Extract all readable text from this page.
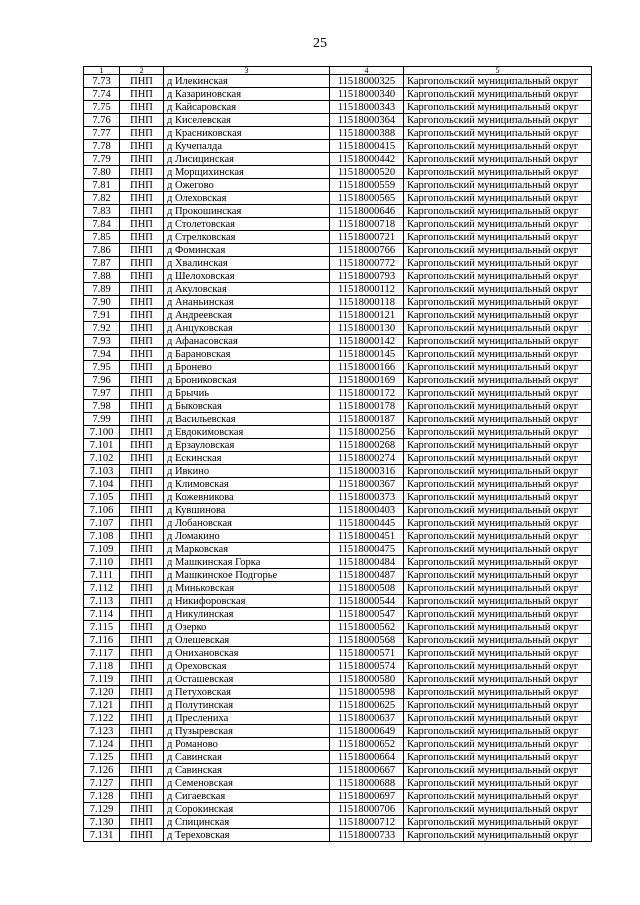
25
1	2	3	4	5
7.73	ПНП	д Илекинская	11518000325	Каргопольский муниципальный округ
7.74	ПНП	д Казариновская	11518000340	Каргопольский муниципальный округ
7.75	ПНП	д Кайсаровская	11518000343	Каргопольский муниципальный округ
7.76	ПНП	д Киселевская	11518000364	Каргопольский муниципальный округ
7.77	ПНП	д Красниковская	11518000388	Каргопольский муниципальный округ
7.78	ПНП	д Кучепалда	11518000415	Каргопольский муниципальный округ
7.79	ПНП	д Лисицинская	11518000442	Каргопольский муниципальный округ
7.80	ПНП	д Морщихинская	11518000520	Каргопольский муниципальный округ
7.81	ПНП	д Ожегово	11518000559	Каргопольский муниципальный округ
7.82	ПНП	д Олеховская	11518000565	Каргопольский муниципальный округ
7.83	ПНП	д Прокошинская	11518000646	Каргопольский муниципальный округ
7.84	ПНП	д Столетовская	11518000718	Каргопольский муниципальный округ
7.85	ПНП	д Стрелковская	11518000721	Каргопольский муниципальный округ
7.86	ПНП	д Фоминская	11518000766	Каргопольский муниципальный округ
7.87	ПНП	д Хвалинская	11518000772	Каргопольский муниципальный округ
7.88	ПНП	д Шелоховская	11518000793	Каргопольский муниципальный округ
7.89	ПНП	д Акуловская	11518000112	Каргопольский муниципальный округ
7.90	ПНП	д Ананьинская	11518000118	Каргопольский муниципальный округ
7.91	ПНП	д Андреевская	11518000121	Каргопольский муниципальный округ
7.92	ПНП	д Анцуковская	11518000130	Каргопольский муниципальный округ
7.93	ПНП	д Афанасовская	11518000142	Каргопольский муниципальный округ
7.94	ПНП	д Барановская	11518000145	Каргопольский муниципальный округ
7.95	ПНП	д Бронево	11518000166	Каргопольский муниципальный округ
7.96	ПНП	д Брониковская	11518000169	Каргопольский муниципальный округ
7.97	ПНП	д Брычиь	11518000172	Каргопольский муниципальный округ
7.98	ПНП	д Быковская	11518000178	Каргопольский муниципальный округ
7.99	ПНП	д Васильевская	11518000187	Каргопольский муниципальный округ
7.100	ПНП	д Евдокимовская	11518000256	Каргопольский муниципальный округ
7.101	ПНП	д Ерзауловская	11518000268	Каргопольский муниципальный округ
7.102	ПНП	д Ескинская	11518000274	Каргопольский муниципальный округ
7.103	ПНП	д Ивкино	11518000316	Каргопольский муниципальный округ
7.104	ПНП	д Климовская	11518000367	Каргопольский муниципальный округ
7.105	ПНП	д Кожевникова	11518000373	Каргопольский муниципальный округ
7.106	ПНП	д Кувшинова	11518000403	Каргопольский муниципальный округ
7.107	ПНП	д Лобановская	11518000445	Каргопольский муниципальный округ
7.108	ПНП	д Ломакино	11518000451	Каргопольский муниципальный округ
7.109	ПНП	д Марковская	11518000475	Каргопольский муниципальный округ
7.110	ПНП	д Машкинская Горка	11518000484	Каргопольский муниципальный округ
7.111	ПНП	д Машкинское Подгорье	11518000487	Каргопольский муниципальный округ
7.112	ПНП	д Миньковская	11518000508	Каргопольский муниципальный округ
7.113	ПНП	д Никифоровская	11518000544	Каргопольский муниципальный округ
7.114	ПНП	д Никулинская	11518000547	Каргопольский муниципальный округ
7.115	ПНП	д Озерко	11518000562	Каргопольский муниципальный округ
7.116	ПНП	д Олешевская	11518000568	Каргопольский муниципальный округ
7.117	ПНП	д Онихановская	11518000571	Каргопольский муниципальный округ
7.118	ПНП	д Ореховская	11518000574	Каргопольский муниципальный округ
7.119	ПНП	д Осташевская	11518000580	Каргопольский муниципальный округ
7.120	ПНП	д Петуховская	11518000598	Каргопольский муниципальный округ
7.121	ПНП	д Полутинская	11518000625	Каргопольский муниципальный округ
7.122	ПНП	д Преслениха	11518000637	Каргопольский муниципальный округ
7.123	ПНП	д Пузыревская	11518000649	Каргопольский муниципальный округ
7.124	ПНП	д Романово	11518000652	Каргопольский муниципальный округ
7.125	ПНП	д Савинская	11518000664	Каргопольский муниципальный округ
7.126	ПНП	д Савинская	11518000667	Каргопольский муниципальный округ
7.127	ПНП	д Семеновская	11518000688	Каргопольский муниципальный округ
7.128	ПНП	д Сигаевская	11518000697	Каргопольский муниципальный округ
7.129	ПНП	д Сорокинская	11518000706	Каргопольский муниципальный округ
7.130	ПНП	д Спицинская	11518000712	Каргопольский муниципальный округ
7.131	ПНП	д Тереховская	11518000733	Каргопольский муниципальный округ
